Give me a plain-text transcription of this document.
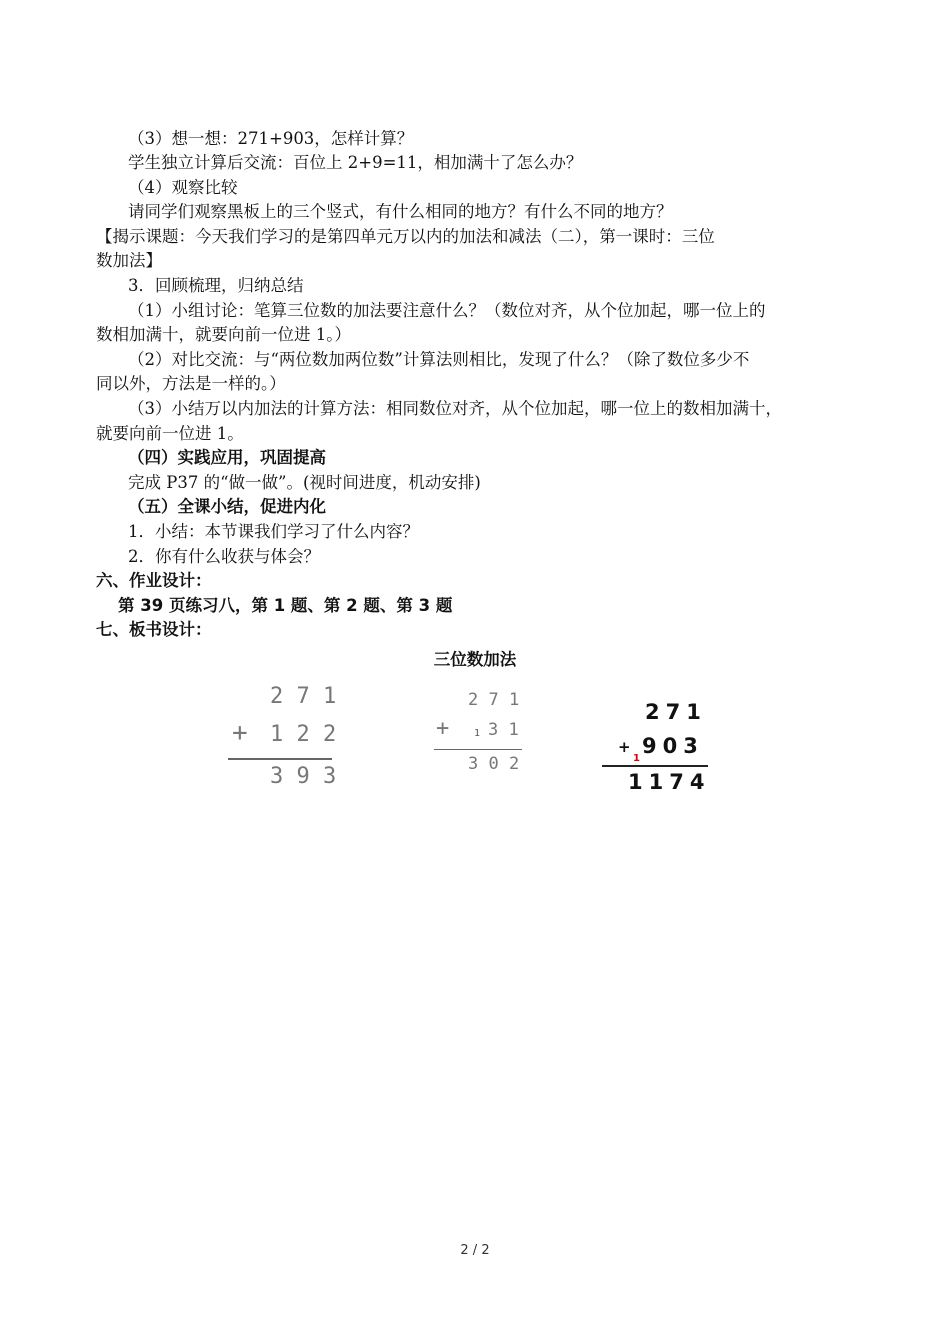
（3）想一想：271+903，怎样计算？
学生独立计算后交流：百位上 2+9=11，相加满十了怎么办？
（4）观察比较
请同学们观察黑板上的三个竖式，有什么相同的地方？有什么不同的地方？
【揭示课题：今天我们学习的是第四单元万以内的加法和减法（二），第一课时：三位
数加法】
3．回顾梳理，归纳总结
（1）小组讨论：笔算三位数的加法要注意什么？（数位对齐，从个位加起，哪一位上的
数相加满十，就要向前一位进 1。）
（2）对比交流：与“两位数加两位数”计算法则相比，发现了什么？（除了数位多少不
同以外，方法是一样的。）
（3）小结万以内加法的计算方法：相同数位对齐，从个位加起，哪一位上的数相加满十，
就要向前一位进 1。
（四）实践应用，巩固提高
完成 P37 的“做一做”。(视时间进度，机动安排)
（五）全课小结，促进内化
1．小结：本节课我们学习了什么内容？
2．你有什么收获与体会？
六、作业设计：
第 39 页练习八，第 1 题、第 2 题、第 3 题
七、板书设计：
三位数加法
2 7 1
+ 1 2 2
3 9 3
2 7 1
+ 1 3 1
3 0 2
271
+
1
903
1174
2 / 2
